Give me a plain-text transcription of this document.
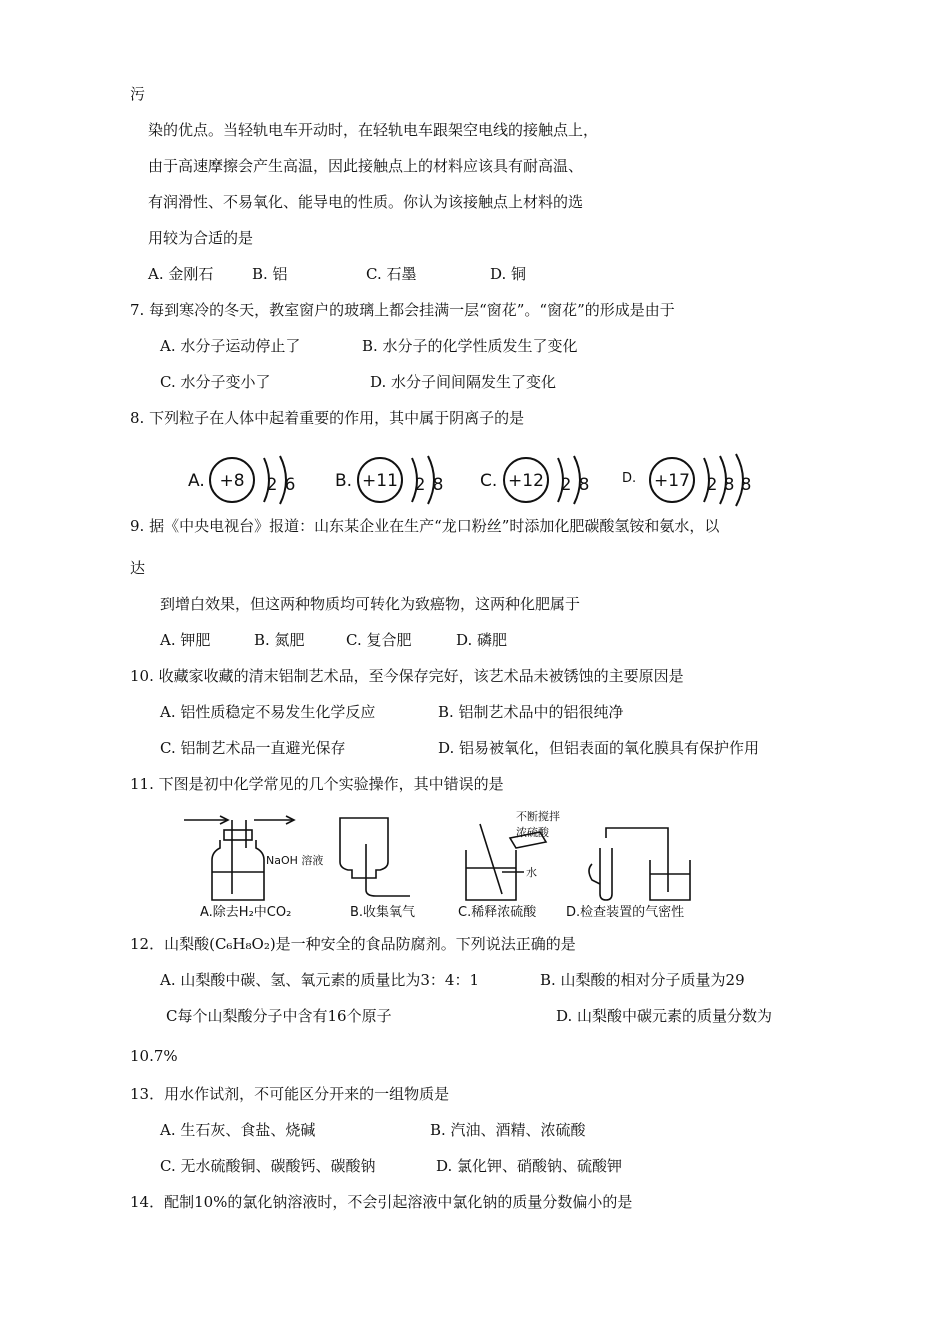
污
染的优点。当轻轨电车开动时，在轻轨电车跟架空电线的接触点上，
由于高速摩擦会产生高温，因此接触点上的材料应该具有耐高温、
有润滑性、不易氧化、能导电的性质。你认为该接触点上材料的选
用较为合适的是
A. 金刚石	B. 铝	C. 石墨	D. 铜
7. 每到寒冷的冬天，教室窗户的玻璃上都会挂满一层“窗花”。“窗花”的形成是由于
A. 水分子运动停止了	B. 水分子的化学性质发生了变化
C. 水分子变小了	D. 水分子间间隔发生了变化
8. 下列粒子在人体中起着重要的作用，其中属于阴离子的是
A. +8 2 6 B. +11 2 8 C. +12 2 8	D. +17 2 8 8
9. 据《中央电视台》报道：山东某企业在生产“龙口粉丝”时添加化肥碳酸氢铵和氨水，以
达
到增白效果，但这两种物质均可转化为致癌物，这两种化肥属于
A. 钾肥	B. 氮肥	C. 复合肥	D. 磷肥
10. 收藏家收藏的清末铝制艺术品，至今保存完好，该艺术品未被锈蚀的主要原因是
A. 铝性质稳定不易发生化学反应	B. 铝制艺术品中的铝很纯净
C. 铝制艺术品一直避光保存	D. 铝易被氧化，但铝表面的氧化膜具有保护作用
11. 下图是初中化学常见的几个实验操作，其中错误的是
NaOH 溶液
不断搅拌
浓硫酸
水
A.除去H₂中CO₂	B.收集氧气	C.稀释浓硫酸 D.检查装置的气密性
12．山梨酸(C₆H₈O₂)是一种安全的食品防腐剂。下列说法正确的是
A. 山梨酸中碳、氢、氧元素的质量比为3：4：1	B. 山梨酸的相对分子质量为29
C每个山梨酸分子中含有16个原子	D. 山梨酸中碳元素的质量分数为
10.7%
13．用水作试剂，不可能区分开来的一组物质是
A. 生石灰、食盐、烧碱	B. 汽油、酒精、浓硫酸
C. 无水硫酸铜、碳酸钙、碳酸钠	D. 氯化钾、硝酸钠、硫酸钾
14．配制10%的氯化钠溶液时，不会引起溶液中氯化钠的质量分数偏小的是
